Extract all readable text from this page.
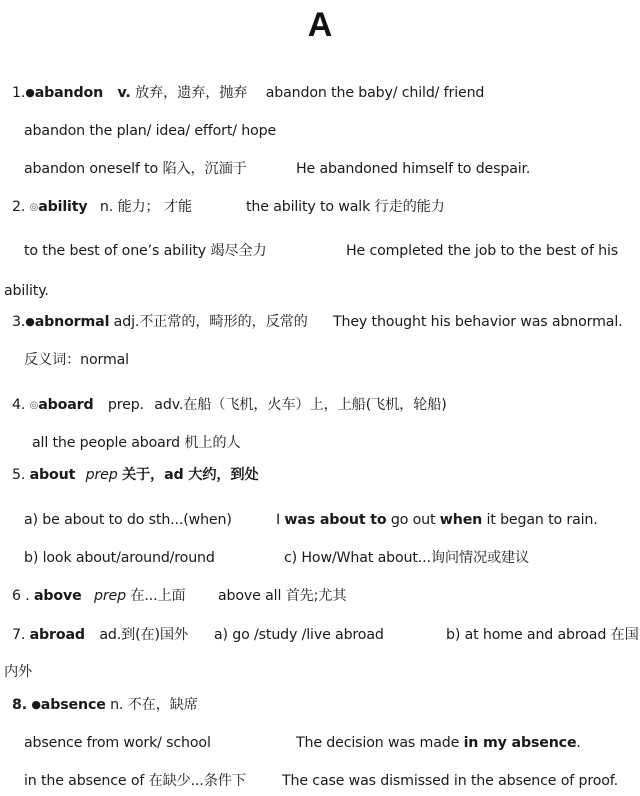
A
1.●abandon v. 放弃，遗弃，抛弃 abandon the baby/ child/ friend
abandon the plan/ idea/ effort/ hope
abandon oneself to 陷入，沉湎于	He abandoned himself to despair.
2. ◎ability n. 能力； 才能	the ability to walk 行走的能力
to the best of one’s ability 竭尽全力	He completed the job to the best of his
ability.
3.●abnormal adj.不正常的，畸形的，反常的 They thought his behavior was abnormal.
反义词：normal
4. ◎aboard prep. adv.在船（飞机，火车）上，上船(飞机，轮船)
all the people aboard 机上的人
5. about prep 关于，ad 大约，到处
a) be about to do sth...(when)	I was about to go out when it began to rain.
b) look about/around/round	c) How/What about...询问情况或建议
6 . above prep 在...上面 above all 首先;尤其
7. abroad ad.到(在)国外 a) go /study /live abroad	b) at home and abroad 在国
内外
8. ●absence n. 不在，缺席
absence from work/ school	The decision was made in my absence.
in the absence of 在缺少...条件下	The case was dismissed in the absence of proof.
